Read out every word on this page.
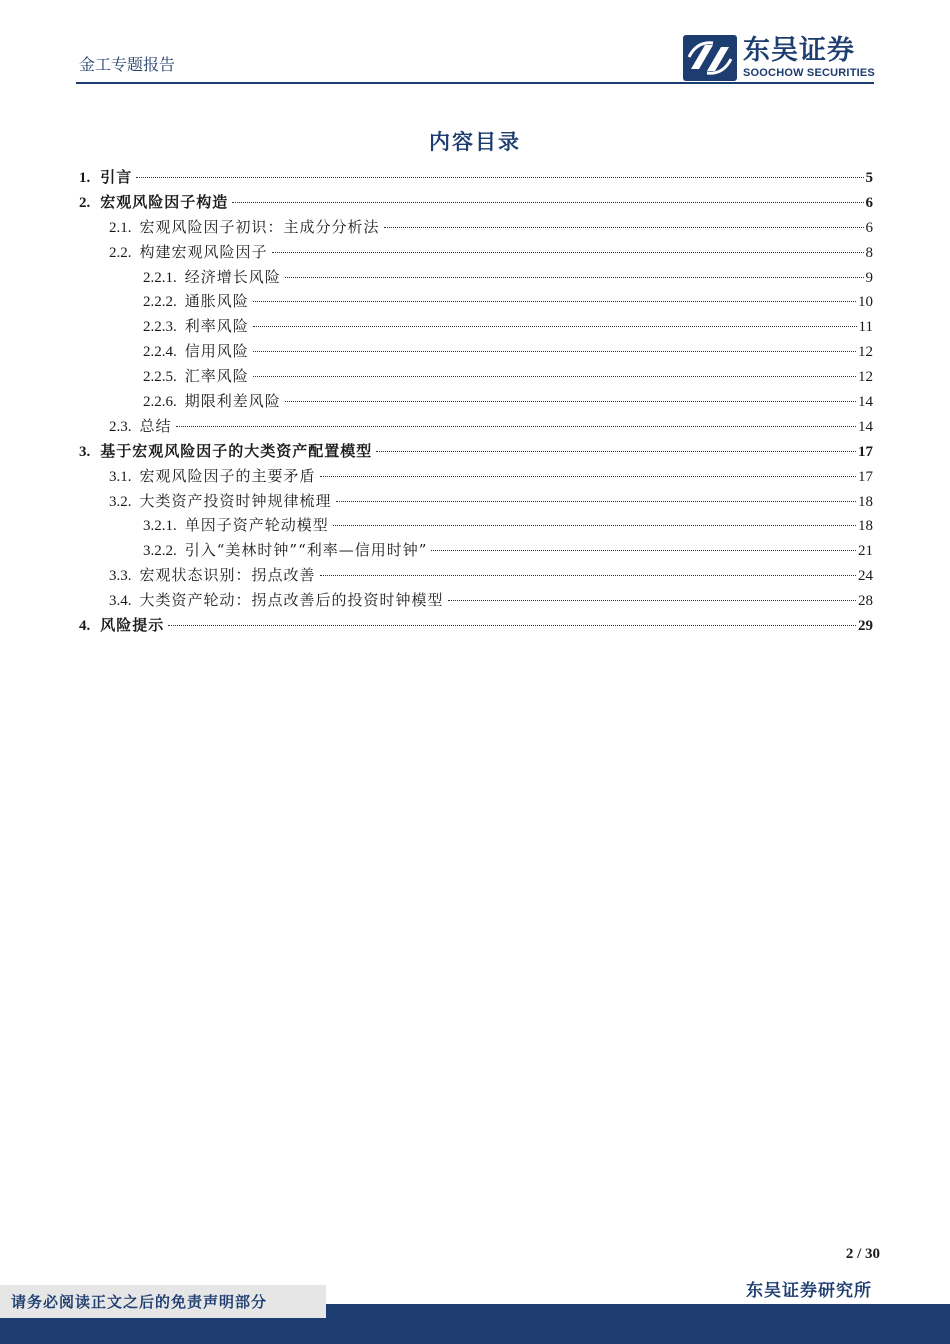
金工专题报告	东吴证券
SOOCHOW SECURITIES
内容目录
1. 引言	5
2. 宏观风险因子构造	6
2.1. 宏观风险因子初识：主成分分析法	6
2.2. 构建宏观风险因子	8
2.2.1. 经济增长风险	9
2.2.2. 通胀风险	10
2.2.3. 利率风险	11
2.2.4. 信用风险	12
2.2.5. 汇率风险	12
2.2.6. 期限利差风险	14
2.3. 总结	14
3. 基于宏观风险因子的大类资产配置模型	17
3.1. 宏观风险因子的主要矛盾	17
3.2. 大类资产投资时钟规律梳理	18
3.2.1. 单因子资产轮动模型	18
3.2.2. 引入“美林时钟”“利率—信用时钟”	21
3.3. 宏观状态识别：拐点改善	24
3.4. 大类资产轮动：拐点改善后的投资时钟模型	28
4. 风险提示	29
2 / 30
东吴证券研究所
请务必阅读正文之后的免责声明部分
